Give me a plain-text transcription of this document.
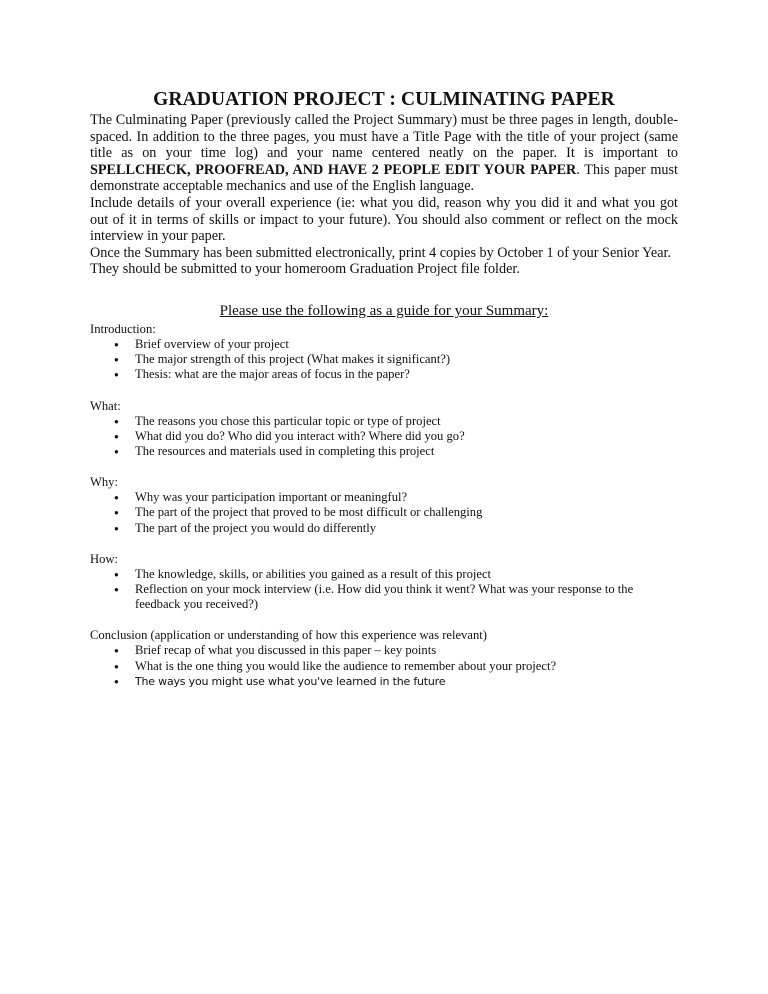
GRADUATION PROJECT : CULMINATING PAPER

The Culminating Paper (previously called the Project Summary) must be three pages in length, double-spaced. In addition to the three pages, you must have a Title Page with the title of your project (same title as on your time log) and your name centered neatly on the paper. It is important to SPELLCHECK, PROOFREAD, AND HAVE 2 PEOPLE EDIT YOUR PAPER. This paper must demonstrate acceptable mechanics and use of the English language.

Include details of your overall experience (ie: what you did, reason why you did it and what you got out of it in terms of skills or impact to your future). You should also comment or reflect on the mock interview in your paper.

Once the Summary has been submitted electronically, print 4 copies by October 1 of your Senior Year. They should be submitted to your homeroom Graduation Project file folder.

Please use the following as a guide for your Summary:
Introduction:
● Brief overview of your project
● The major strength of this project (What makes it significant?)
● Thesis: what are the major areas of focus in the paper?
What:
● The reasons you chose this particular topic or type of project
● What did you do? Who did you interact with? Where did you go?
● The resources and materials used in completing this project
Why:
● Why was your participation important or meaningful?
● The part of the project that proved to be most difficult or challenging
● The part of the project you would do differently
How:
● The knowledge, skills, or abilities you gained as a result of this project
● Reflection on your mock interview (i.e. How did you think it went? What was your response to the feedback you received?)
Conclusion (application or understanding of how this experience was relevant)
● Brief recap of what you discussed in this paper – key points
● What is the one thing you would like the audience to remember about your project?
● The ways you might use what you've learned in the future
